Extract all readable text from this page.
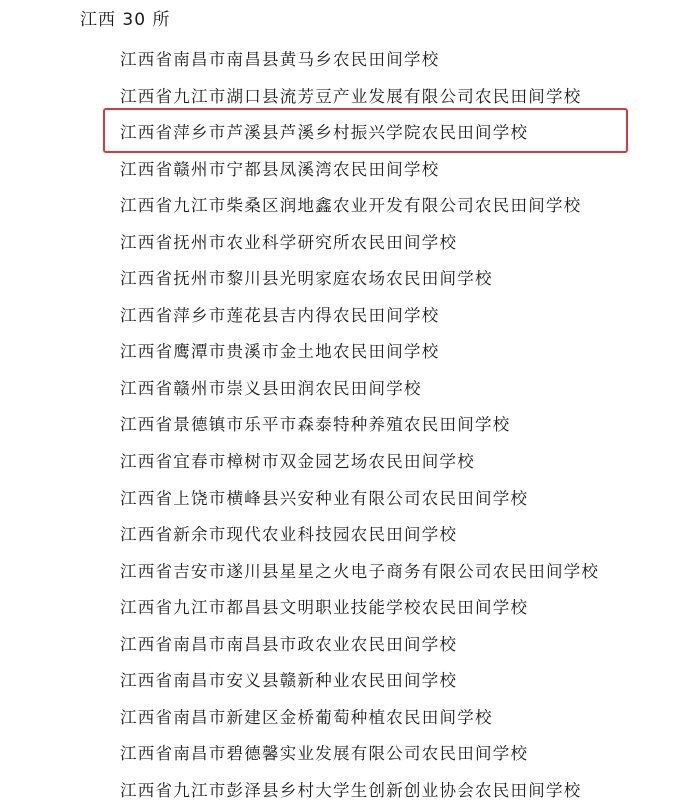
江西 30 所
江西省南昌市南昌县黄马乡农民田间学校
江西省九江市湖口县流芳豆产业发展有限公司农民田间学校
江西省萍乡市芦溪县芦溪乡村振兴学院农民田间学校
江西省赣州市宁都县凤溪湾农民田间学校
江西省九江市柴桑区润地鑫农业开发有限公司农民田间学校
江西省抚州市农业科学研究所农民田间学校
江西省抚州市黎川县光明家庭农场农民田间学校
江西省萍乡市莲花县吉内得农民田间学校
江西省鹰潭市贵溪市金土地农民田间学校
江西省赣州市崇义县田润农民田间学校
江西省景德镇市乐平市森泰特种养殖农民田间学校
江西省宜春市樟树市双金园艺场农民田间学校
江西省上饶市横峰县兴安种业有限公司农民田间学校
江西省新余市现代农业科技园农民田间学校
江西省吉安市遂川县星星之火电子商务有限公司农民田间学校
江西省九江市都昌县文明职业技能学校农民田间学校
江西省南昌市南昌县市政农业农民田间学校
江西省南昌市安义县赣新种业农民田间学校
江西省南昌市新建区金桥葡萄种植农民田间学校
江西省南昌市碧德馨实业发展有限公司农民田间学校
江西省九江市彭泽县乡村大学生创新创业协会农民田间学校
